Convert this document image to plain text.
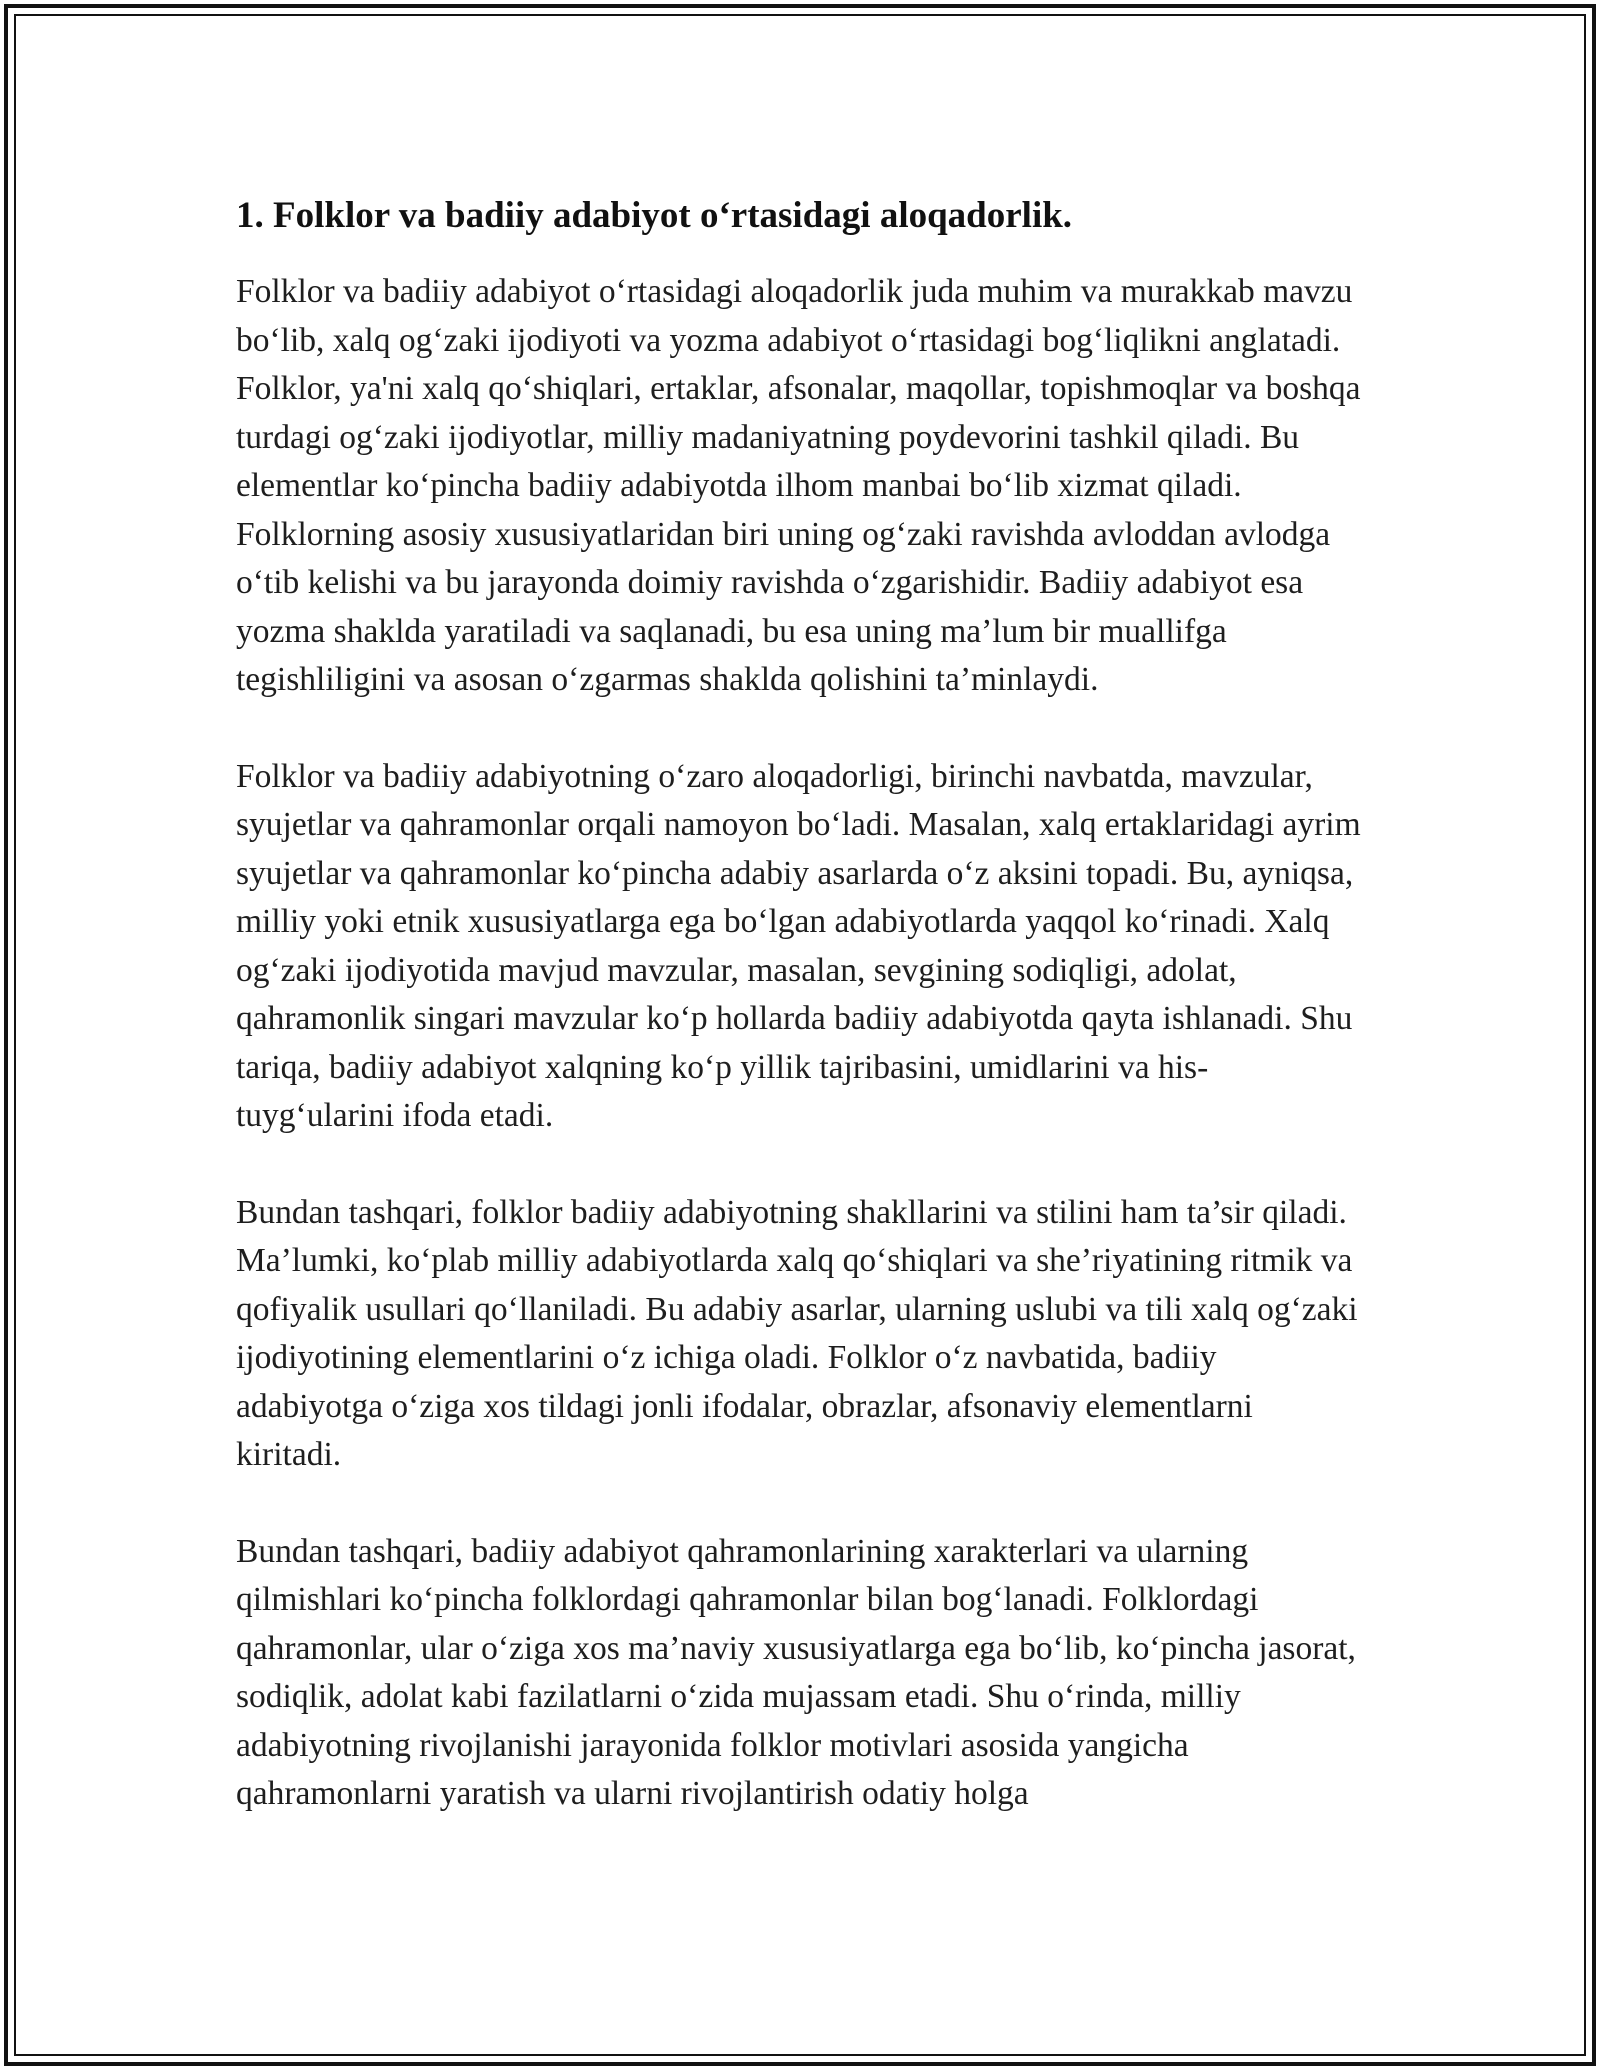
1. Folklor va badiiy adabiyot oʻrtasidagi aloqadorlik.

Folklor va badiiy adabiyot oʻrtasidagi aloqadorlik juda muhim va murakkab mavzu boʻlib, xalq ogʻzaki ijodiyoti va yozma adabiyot oʻrtasidagi bogʻliqlikni anglatadi. Folklor, ya'ni xalq qoʻshiqlari, ertaklar, afsonalar, maqollar, topishmoqlar va boshqa turdagi ogʻzaki ijodiyotlar, milliy madaniyatning poydevorini tashkil qiladi. Bu elementlar koʻpincha badiiy adabiyotda ilhom manbai boʻlib xizmat qiladi. Folklorning asosiy xususiyatlaridan biri uning ogʻzaki ravishda avloddan avlodga oʻtib kelishi va bu jarayonda doimiy ravishda oʻzgarishidir. Badiiy adabiyot esa yozma shaklda yaratiladi va saqlanadi, bu esa uning ma’lum bir muallifga tegishliligini va asosan oʻzgarmas shaklda qolishini ta’minlaydi.

Folklor va badiiy adabiyotning oʻzaro aloqadorligi, birinchi navbatda, mavzular, syujetlar va qahramonlar orqali namoyon boʻladi. Masalan, xalq ertaklaridagi ayrim syujetlar va qahramonlar koʻpincha adabiy asarlarda oʻz aksini topadi. Bu, ayniqsa, milliy yoki etnik xususiyatlarga ega boʻlgan adabiyotlarda yaqqol koʻrinadi. Xalq ogʻzaki ijodiyotida mavjud mavzular, masalan, sevgining sodiqligi, adolat, qahramonlik singari mavzular koʻp hollarda badiiy adabiyotda qayta ishlanadi. Shu tariqa, badiiy adabiyot xalqning koʻp yillik tajribasini, umidlarini va his-tuygʻularini ifoda etadi.

Bundan tashqari, folklor badiiy adabiyotning shakllarini va stilini ham ta’sir qiladi. Ma’lumki, koʻplab milliy adabiyotlarda xalq qoʻshiqlari va she’riyatining ritmik va qofiyalik usullari qoʻllaniladi. Bu adabiy asarlar, ularning uslubi va tili xalq ogʻzaki ijodiyotining elementlarini oʻz ichiga oladi. Folklor oʻz navbatida, badiiy adabiyotga oʻziga xos tildagi jonli ifodalar, obrazlar, afsonaviy elementlarni kiritadi.

Bundan tashqari, badiiy adabiyot qahramonlarining xarakterlari va ularning qilmishlari koʻpincha folklordagi qahramonlar bilan bogʻlanadi. Folklordagi qahramonlar, ular oʻziga xos ma’naviy xususiyatlarga ega boʻlib, koʻpincha jasorat, sodiqlik, adolat kabi fazilatlarni oʻzida mujassam etadi. Shu oʻrinda, milliy adabiyotning rivojlanishi jarayonida folklor motivlari asosida yangicha qahramonlarni yaratish va ularni rivojlantirish odatiy holga
